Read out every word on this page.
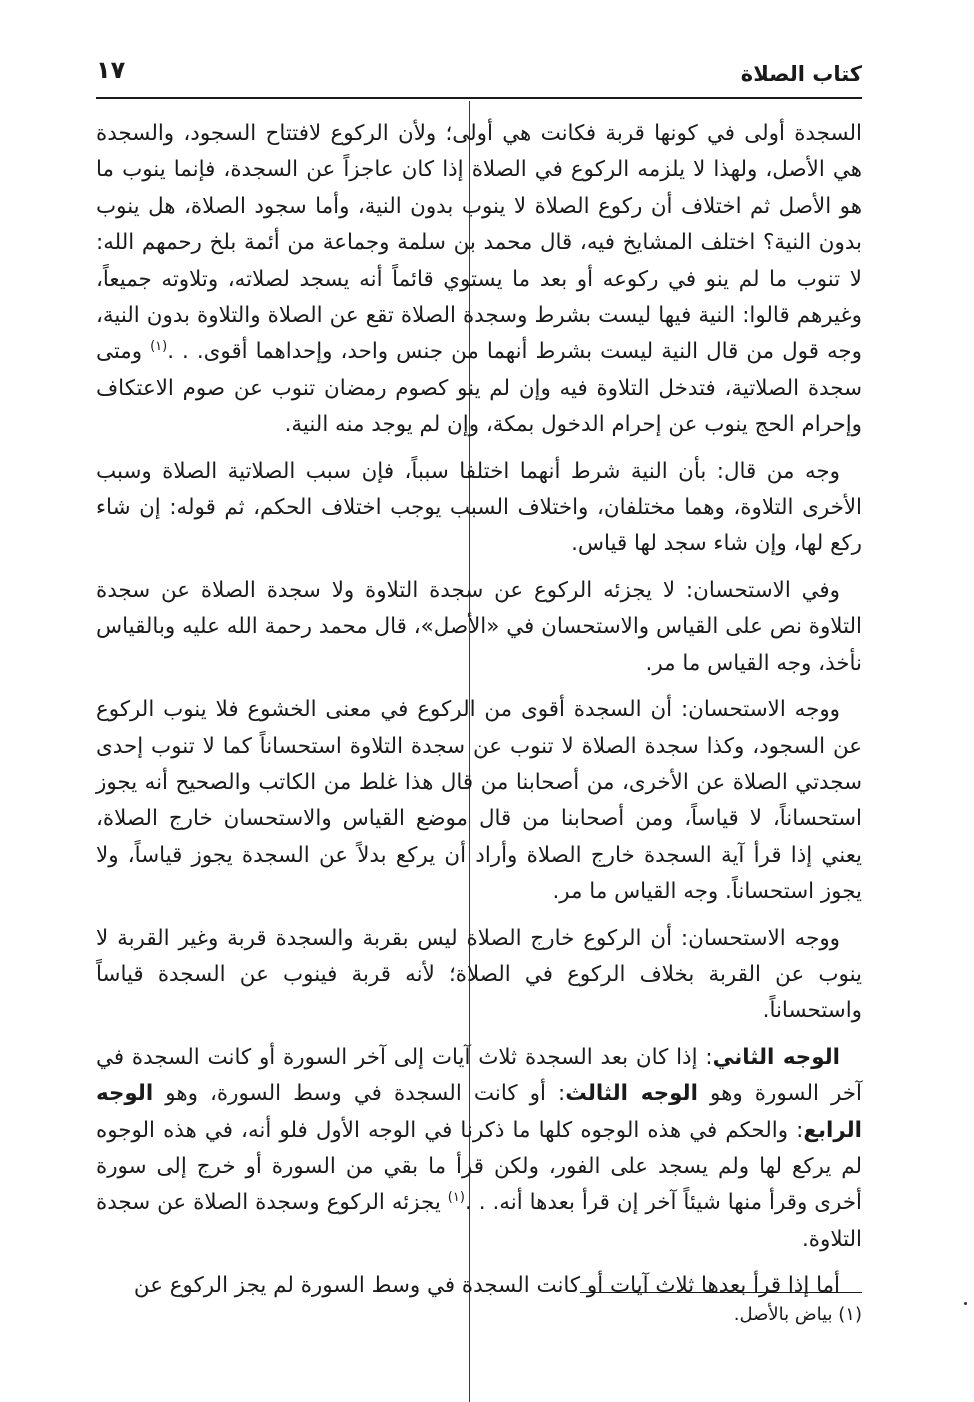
كتاب الصلاة
١٧

السجدة أولى في كونها قربة فكانت هي أولى؛ ولأن الركوع لافتتاح السجود، والسجدة هي الأصل، ولهذا لا يلزمه الركوع في الصلاة إذا كان عاجزاً عن السجدة، فإنما ينوب ما هو الأصل ثم اختلاف أن ركوع الصلاة لا ينوب بدون النية، وأما سجود الصلاة، هل ينوب بدون النية؟ اختلف المشايخ فيه، قال محمد بن سلمة وجماعة من أئمة بلخ رحمهم الله: لا تنوب ما لم ينو في ركوعه أو بعد ما يستوي قائماً أنه يسجد لصلاته، وتلاوته جميعاً، وغيرهم قالوا: النية فيها ليست بشرط وسجدة الصلاة تقع عن الصلاة والتلاوة بدون النية، وجه قول من قال النية ليست بشرط أنهما من جنس واحد، وإحداهما أقوى. . .$^{(١)}$ ومتى سجدة الصلاتية، فتدخل التلاوة فيه وإن لم ينو كصوم رمضان تنوب عن صوم الاعتكاف وإحرام الحج ينوب عن إحرام الدخول بمكة، وإن لم يوجد منه النية.

وجه من قال: بأن النية شرط أنهما اختلفا سبباً، فإن سبب الصلاتية الصلاة وسبب الأخرى التلاوة، وهما مختلفان، واختلاف السبب يوجب اختلاف الحكم، ثم قوله: إن شاء ركع لها، وإن شاء سجد لها قياس.

وفي الاستحسان: لا يجزئه الركوع عن سجدة التلاوة ولا سجدة الصلاة عن سجدة التلاوة نص على القياس والاستحسان في «الأصل»، قال محمد رحمة الله عليه وبالقياس نأخذ، وجه القياس ما مر.

ووجه الاستحسان: أن السجدة أقوى من الركوع في معنى الخشوع فلا ينوب الركوع عن السجود، وكذا سجدة الصلاة لا تنوب عن سجدة التلاوة استحساناً كما لا تنوب إحدى سجدتي الصلاة عن الأخرى، من أصحابنا من قال هذا غلط من الكاتب والصحيح أنه يجوز استحساناً، لا قياساً، ومن أصحابنا من قال موضع القياس والاستحسان خارج الصلاة، يعني إذا قرأ آية السجدة خارج الصلاة وأراد أن يركع بدلاً عن السجدة يجوز قياساً، ولا يجوز استحساناً. وجه القياس ما مر.

ووجه الاستحسان: أن الركوع خارج الصلاة ليس بقربة والسجدة قربة وغير القربة لا ينوب عن القربة بخلاف الركوع في الصلاة؛ لأنه قربة فينوب عن السجدة قياساً واستحساناً.

الوجه الثاني: إذا كان بعد السجدة ثلاث آيات إلى آخر السورة أو كانت السجدة في آخر السورة وهو الوجه الثالث: أو كانت السجدة في وسط السورة، وهو الوجه الرابع: والحكم في هذه الوجوه كلها ما ذكرنا في الوجه الأول فلو أنه، في هذه الوجوه لم يركع لها ولم يسجد على الفور، ولكن قرأ ما بقي من السورة أو خرج إلى سورة أخرى وقرأ منها شيئاً آخر إن قرأ بعدها أنه. . .$^{(١)}$ يجزئه الركوع وسجدة الصلاة عن سجدة التلاوة.

أما إذا قرأ بعدها ثلاث آيات أو كانت السجدة في وسط السورة لم يجز الركوع عن

(١) بياض بالأصل.
